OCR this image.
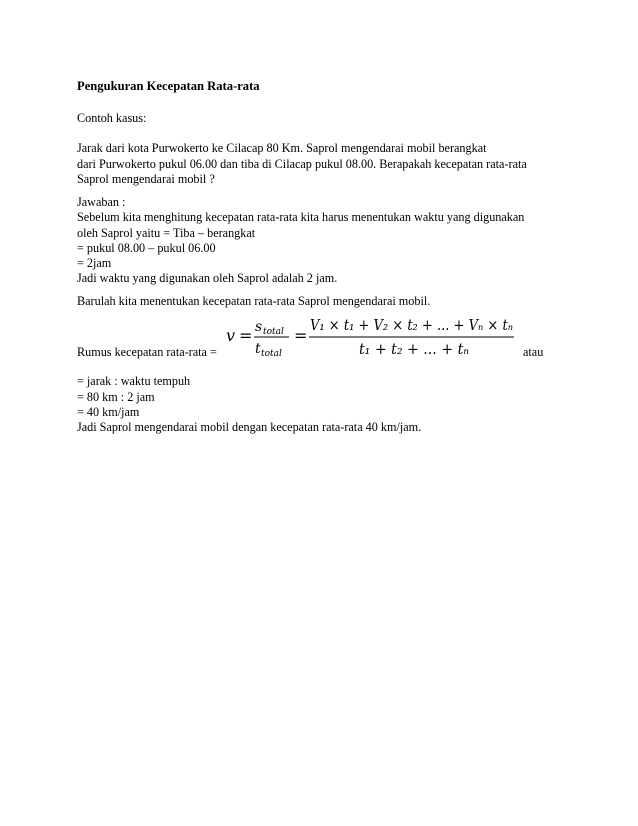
Pengukuran Kecepatan Rata-rata
Contoh kasus:
Jarak dari kota Purwokerto ke Cilacap 80 Km. Saprol mengendarai mobil berangkat
dari Purwokerto pukul 06.00 dan tiba di Cilacap pukul 08.00. Berapakah kecepatan rata-rata
Saprol mengendarai mobil ?
Jawaban :
Sebelum kita menghitung kecepatan rata-rata kita harus menentukan waktu yang digunakan
oleh Saprol yaitu = Tiba – berangkat
= pukul 08.00 – pukul 06.00
= 2jam
Jadi waktu yang digunakan oleh Saprol adalah 2 jam.
Barulah kita menentukan kecepatan rata-rata Saprol mengendarai mobil.
v = s total
t total
= V₁ × t₁ + V₂ × t₂ + ... + Vₙ × tₙ
t₁ + t₂ + ... + tₙ
Rumus kecepatan rata-rata =	atau
= jarak : waktu tempuh
= 80 km : 2 jam
= 40 km/jam
Jadi Saprol mengendarai mobil dengan kecepatan rata-rata 40 km/jam.
